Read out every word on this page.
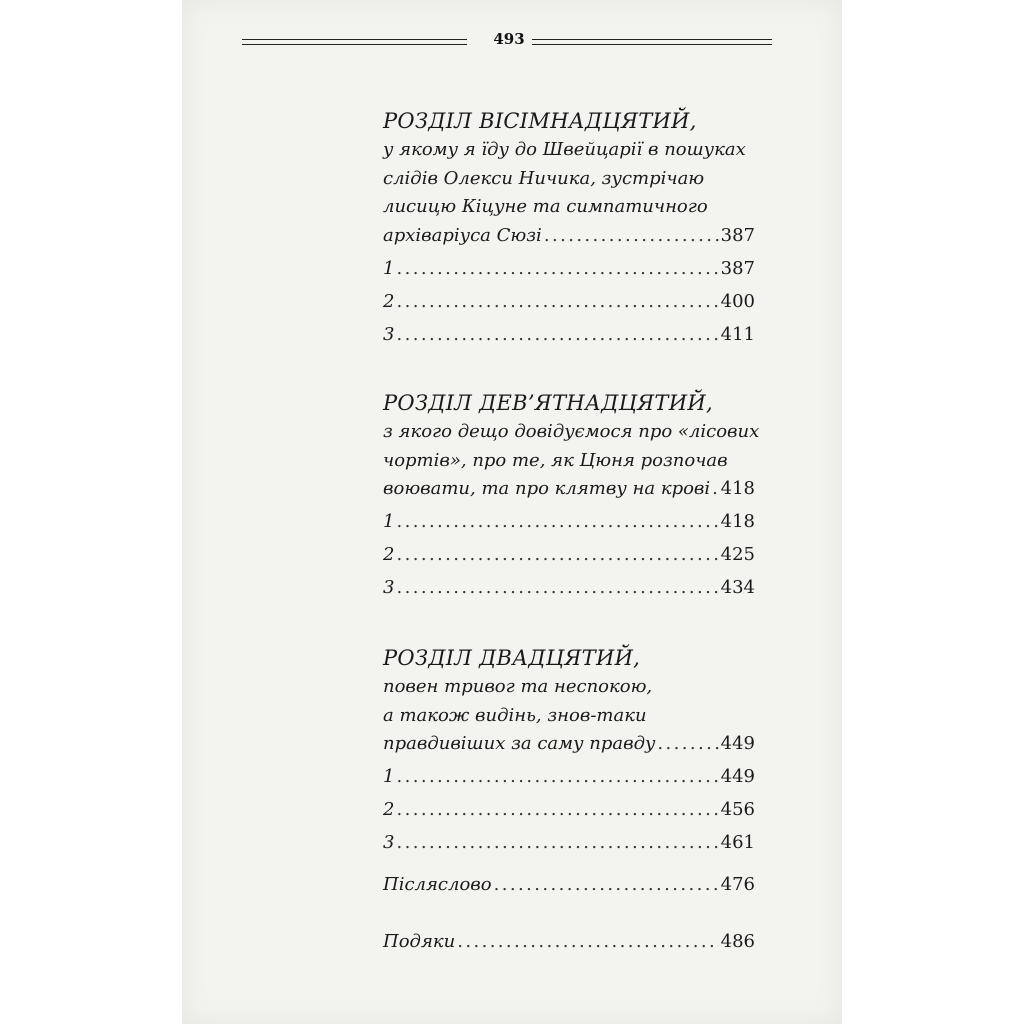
493
РОЗДІЛ ВІСІМНАДЦЯТИЙ,
у якому я їду до Швейцарії в пошуках
слідів Олекси Ничика, зустрічаю
лисицю Кіцуне та симпатичного
архіваріуса Сюзі .....	387
1 .....	387
2 .....	400
3 .....	411
РОЗДІЛ ДЕВ’ЯТНАДЦЯТИЙ,
з якого дещо довідуємося про «лісових
чортів», про те, як Цюня розпочав
воювати, та про клятву на крові ..... 418
1 .....	418
2 .....	425
3 .....	434
РОЗДІЛ ДВАДЦЯТИЙ,
повен тривог та неспокою,
а також видінь, знов-таки
правдивіших за саму правду .....	449
1 .....	449
2 .....	456
3 .....	461
Післяслово .....	476
Подяки .....	486
